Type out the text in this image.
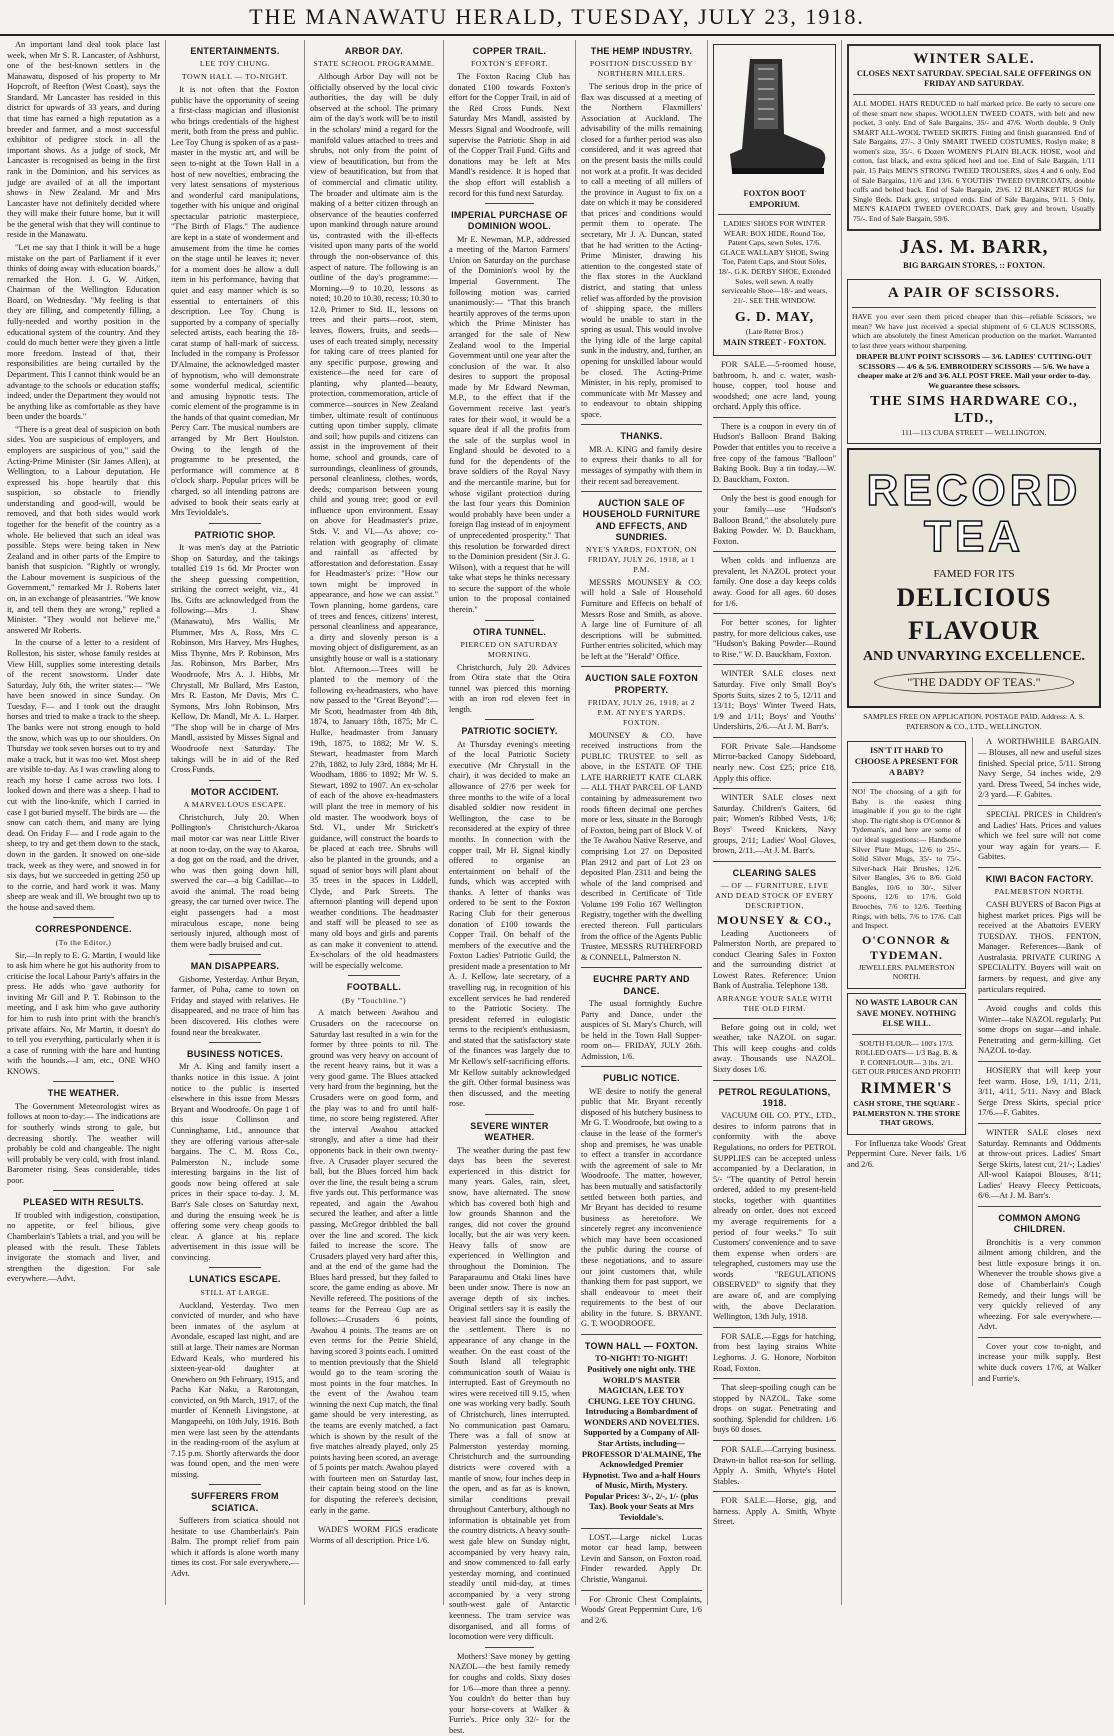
THE MANAWATU HERALD, TUESDAY, JULY 23, 1918.

An important land deal took place last week, when Mr S. R. Lancaster, of Ashhurst, one of the best-known settlers in the Manawatu, disposed of his property to Mr Hopcroft, of Reefton (West Coast), says the Standard. Mr Lancaster has resided in this district for upwards of 33 years, and during that time has earned a high reputation as a breeder and farmer, and a most successful exhibitor of pedigree stock in all the important shows. As a judge of stock, Mr Lancaster is recognised as being in the first rank in the Dominion, and his services as judge are availed of at all the important shows in New Zealand. Mr and Mrs Lancaster have not definitely decided where they will make their future home, but it will be the general wish that they will continue to reside in the Manawatu.

"Let me say that I think it will be a huge mistake on the part of Parliament if it ever thinks of doing away with education boards," remarked the Hon. J. G. W. Aitken, Chairman of the Wellington Education Board, on Wednesday. "My feeling is that they are filling, and competently filling, a fully-needed and worthy position in the educational system of the country. And they could do much better were they given a little more freedom. Instead of that, their responsibilities are being curtailed by the Department. This I cannot think would be an advantage to the schools or education staffs; indeed, under the Department they would not be anything like as comfortable as they have been under the boards."

"There is a great deal of suspicion on both sides. You are suspicious of employers, and employers are suspicious of you," said the Acting-Prime Minister (Sir James Allen), at Wellington, to a Labour deputation. He expressed his hope heartily that this suspicion, so obstacle to friendly understanding and good-will, would be removed, and that both sides would work together for the benefit of the country as a whole. He believed that such an ideal was possible. Steps were being taken in New Zealand and in other parts of the Empire to banish that suspicion. "Rightly or wrongly, the Labour movement is suspicious of the Government," remarked Mr J. Roberts later on, in an exchange of pleasantries. "We know it, and tell them they are wrong," replied a Minister. "They would not believe me," answered Mr Roberts.

In the course of a letter to a resident of Rolleston, his sister, whose family resides at View Hill, supplies some interesting details of the recent snowstorm. Under date Saturday, July 6th, the writer states:— "We have been snowed in since Sunday. On Tuesday, F— and I took out the draught horses and tried to make a track to the sheep. The banks were not strong enough to hold the snow, which was up to our shoulders. On Thursday we took seven horses out to try and make a track, but it was too wet. Most sheep are visible to-day. As I was crawling along to reach my horse I came across two lots. I looked down and there was a sheep. I had to cut with the lino-knife, which I carried in case I got buried myself. The birds are — the snow can catch them, and many are lying dead. On Friday F— and I rode again to the sheep, to try and get them down to the stack, down in the garden. It snowed on one-side track, week as they were, and snowed in for six days, but we succeeded in getting 250 up to the corrie, and hard work it was. Many sheep are weak and ill. We brought two up to the house and saved them.

CORRESPONDENCE.
(To the Editor.)

Sir,—In reply to E. G. Martin, I would like to ask him where he got his authority from to criticise the local Labour Party's affairs in the press. He adds who gave authority for inviting Mr Gill and P. T. Robinson to the meeting, and I ask him who gave authority for him to rush into print with the branch's private affairs. No, Mr Martin, it doesn't do to tell you everything, particularly when it is a case of running with the hare and hunting with the hounds.—I am, etc., ONE WHO KNOWS.

THE WEATHER.

The Government Meteorologist wires as follows at noon to-day:— The indications are for southerly winds strong to gale, but decreasing shortly. The weather will probably be cold and changeable. The night will probably be very cold, with frost inland. Barometer rising. Seas considerable, tides poor.

PLEASED WITH RESULTS.

If troubled with indigestion, constipation, no appetite, or feel bilious, give Chamberlain's Tablets a trial, and you will be pleased with the result. These Tablets invigorate the stomach and liver, and strengthen the digestion. For sale everywhere.—Advt.

ENTERTAINMENTS.
LEE TOY CHUNG.
TOWN HALL — TO-NIGHT.

It is not often that the Foxton public have the opportunity of seeing a first-class magician and illusionist who brings credentials of the highest merit, both from the press and public. Lee Toy Chung is spoken of as a past-master in the mystic art, and will be seen to-night at the Town Hall in a host of new novelties, embracing the very latest sensations of mysterious and wonderful card manipulations, together with his unique and original spectacular patriotic masterpiece, "The Birth of Flags." The audience are kept in a state of wonderment and amusement from the time he comes on the stage until he leaves it; never for a moment does he allow a dull item in his performance, having that quiet and easy manner which is so essential to entertainers of this description. Lee Toy Chung is supported by a company of specially selected artists, each bearing the 18-carat stamp of hall-mark of success. Included in the company is Professor D'Almaine, the acknowledged master of hypnotism, who will demonstrate some wonderful medical, scientific and amusing hypnotic tests. The comic element of the programme is in the hands of that quaint comedian, Mr Percy Carr. The musical numbers are arranged by Mr Bert Houlston. Owing to the length of the programme to be presented, the performance will commence at 8 o'clock sharp. Popular prices will be charged, so all intending patrons are advised to book their seats early at Mrs Tevioldale's.

PATRIOTIC SHOP.

It was men's day at the Patriotic Shop on Saturday, and the takings totalled £19 1s 6d. Mr Procter won the sheep guessing competition, striking the correct weight, viz., 41 lbs. Gifts are acknowledged from the following:—Mrs J. Shaw (Manawatu), Mrs Wallis, Mr Plummer, Mrs A. Ross, Mrs C. Robinson, Mrs Harvey, Mrs Hughes, Miss Thynne, Mrs P. Robinson, Mrs Jas. Robinson, Mrs Barber, Mrs Woodroofe, Mrs A. J. Hibbs, Mr Chrystall, Mr Bullard, Mrs Easton, Mrs R. Easton, Mr Davis, Mrs C. Symons, Mrs John Robinson, Mrs Kellow, Dr. Mandl, Mr A. L. Harper. "The shop will be in charge of Mrs Mandl, assisted by Misses Signal and Woodroofe next Saturday. The takings will be in aid of the Red Cross Funds.

MOTOR ACCIDENT.
A MARVELLOUS ESCAPE.

Christchurch, July 20. When Pollington's Christchurch-Akaroa mail motor car was near Little River at noon to-day, on the way to Akaroa, a dog got on the road, and the driver, who was then going down hill, swerved the car—a big Cadillac—to avoid the animal. The road being greasy, the car turned over twice. The eight passengers had a most miraculous escape, none being seriously injured, although most of them were badly bruised and cut.

MAN DISAPPEARS.

Gisborne, Yesterday. Arthur Bryan, farmer, of Puha, came to town on Friday and stayed with relatives. He disappeared, and no trace of him has been discovered. His clothes were found near the breakwater.

BUSINESS NOTICES.

Mr A. King and family insert a thanks notice in this issue. A joint notice to the public is inserted elsewhere in this issue from Messrs Bryant and Woodroofe. On page 1 of this issue Collinson and Cunninghame, Ltd., announce that they are offering various after-sale bargains. The C. M. Ross Co., Palmerston N., include some interesting bargains in the list of goods now being offered at sale prices in their space to-day. J. M. Barr's Sale closes on Saturday next, and during the ensuing week he is offering some very cheap goods to clear. A glance at his replace advertisement in this issue will be convincing.

LUNATICS ESCAPE.
STILL AT LARGE.

Auckland, Yesterday. Two men convicted of murder, and who have been inmates of the asylum at Avondale, escaped last night, and are still at large. Their names are Norman Edward Keals, who murdered his sixteen-year-old daughter at Onewhero on 9th February, 1915, and Pacha Kar Naku, a Rarotongan, convicted, on 9th March, 1917, of the murder of Kenneth Livingstone, at Mangapeehi, on 10th July, 1916. Both men were last seen by the attendants in the reading-room of the asylum at 7.15 p.m. Shortly afterwards the door was found open, and the men were missing.

SUFFERERS FROM SCIATICA.

Sufferers from sciatica should not hesitate to use Chamberlain's Pain Balm. The prompt relief from pain which it affords is alone worth many times its cost. For sale everywhere.—Advt.

ARBOR DAY.
STATE SCHOOL PROGRAMME.

Although Arbor Day will not be officially observed by the local civic authorities, the day will be duly observed at the school. The primary aim of the day's work will be to instil in the scholars' mind a regard for the manifold values attached to trees and shrubs, not only from the point of view of beautification, but from the view of beautification, but from that of commercial and climatic utility. The broader and ultimate aim is the making of a better citizen through an observance of the beauties conferred upon mankind through nature around us, contrasted with the ill-effects visited upon many parts of the world through the non-observance of this aspect of nature. The following is an outline of the day's programme:— Morning.—9 to 10.20, lessons as noted; 10.20 to 10.30, recess; 10.30 to 12.0, Primer to Std. II., lessons on trees and their parts—root, stem, leaves, flowers, fruits, and seeds—uses of each treated simply, necessity for taking care of trees planted for any specific purpose, growing and existence—the need for care of planting, why planted—beauty, protection, commemoration, article of commerce—sources in New Zealand timber, ultimate result of continuous cutting upon timber supply, climate and soil; how pupils and citizens can assist in the improvement of their home, school and grounds, care of surroundings, cleanliness of grounds, personal cleanliness, clothes, words, deeds; comparison between young child and young tree; good or evil influence upon environment. Essay on above for Headmaster's prize. Stds. V. and VI.—As above; co-relation with geography of climate and rainfall as affected by afforestation and deforestation. Essay for Headmaster's prize: "How our town might be improved in appearance, and how we can assist." Town planning, home gardens, care of trees and fences, citizens' interest, personal cleanliness and appearance, a dirty and slovenly person is a moving object of disfigurement, as an unsightly house or wall is a stationary blot. Afternoon.—Trees will be planted to the memory of the following ex-headmasters, who have now passed to the "Great Beyond":—Mr Scott, headmaster from 4th 8th, 1874, to January 18th, 1875; Mr C. Hulke, headmaster from January 19th, 1875, to 1882; Mr W. S. Stewart, headmaster from March 27th, 1882, to July 23rd, 1884; Mr H. Woodham, 1886 to 1892; Mr W. S. Stewart, 1892 to 1907. An ex-scholar of each of the above ex-headmasters will plant the tree in memory of his old master. The woodwork boys of Std. VI., under Mr Strickett's guidance, will construct the boards to be placed at each tree. Shrubs will also be planted in the grounds, and a squad of senior boys will plant about 35 trees in the spaces in Liddell, Clyde, and Park Streets. The afternoon planting will depend upon weather conditions. The headmaster and staff will be pleased to see as many old boys and girls and parents as can make it convenient to attend. Ex-scholars of the old headmasters will be especially welcome.

FOOTBALL.
(By "Touchline.")

A match between Awahou and Crusaders on the racecourse on Saturday last resulted in a win for the former by three points to nil. The ground was very heavy on account of the recent heavy rains, but it was a very good game. The Blues attacked very hard from the beginning, but the Crusaders were on good form, and the play was to and fro until half-time, no score being registered. After the interval Awahou attacked strongly, and after a time had their opponents back in their own twenty-five. A Crusader player secured the ball, but the Blues forced him back over the line, the result being a scrum five yards out. This performance was repeated, and again the Awahou secured the leather, and after a little passing, McGregor dribbled the ball over the line and scored. The kick failed to increase the score. The Crusaders played very hard after this, and at the end of the game had the Blues hard pressed, but they failed to score, the game ending as above. Mr Neville refereed. The positions of the teams for the Perreau Cup are as follows:—Crusaders 6 points, Awahou 4 points. The teams are on even terms for the Petrie Shield, having scored 3 points each. I omitted to mention previously that the Shield would go to the team scoring the most points in the four matches. In the event of the Awahou team winning the next Cup match, the final game should be very interesting, as the teams are evenly matched, a fact which is shown by the result of the five matches already played, only 25 points having been scored, an average of 5 points per match. Awahou played with fourteen men on Saturday last, their captain being stood on the line for disputing the referee's decision, early in the game.

WADE'S WORM FIGS eradicate Worms of all description. Price 1/6.

COPPER TRAIL.
FOXTON'S EFFORT.

The Foxton Racing Club has donated £100 towards Foxton's effort for the Copper Trail, in aid of the Red Cross Funds. Next Saturday Mrs Mandl, assisted by Messrs Signal and Woodroofe, will supervise the Patriotic Shop in aid of the Copper Trail Fund. Gifts and donations may be left at Mrs Mandl's residence. It is hoped that the shop effort will establish a record for this fund next Saturday.

IMPERIAL PURCHASE OF DOMINION WOOL.

Mr E. Newman, M.P., addressed a meeting of the Marton Farmers' Union on Saturday on the purchase of the Dominion's wool by the Imperial Government. The following motion was carried unanimously:— "That this branch heartily approves of the terms upon which the Prime Minister has arranged for the sale of New Zealand wool to the Imperial Government until one year after the conclusion of the war. It also desires to support the proposal made by Mr Edward Newman, M.P., to the effect that if the Government receive last year's rates for their wool, it would be a square deal if all the profits from the sale of the surplus wool in England should be devoted to a fund for the dependents of the brave soldiers of the Royal Navy and the mercantile marine, but for whose vigilant protection during the last four years this Dominion would probably have been under a foreign flag instead of in enjoyment of unprecedented prosperity." That this resolution be forwarded direct to the Dominion president (Sir J. G. Wilson), with a request that he will take what steps he thinks necessary to secure the support of the whole union to the proposal contained therein."

OTIRA TUNNEL.
PIERCED ON SATURDAY MORNING.

Christchurch, July 20. Advices from Otira state that the Otira tunnel was pierced this morning with an iron rod eleven feet in length.

PATRIOTIC SOCIETY.

At Thursday evening's meeting of the local Patriotic Society executive (Mr Chrystall in the chair), it was decided to make an allowance of 27/6 per week for three months to the wife of a local disabled soldier now resident in Wellington, the case to be reconsidered at the expiry of three months. In connection with the copper trail, Mr H. Signal kindly offered to organise an entertainment on behalf of the funds, which was accepted with thanks. A letter of thanks was ordered to be sent to the Foxton Racing Club for their generous donation of £100 towards the Copper Trail. On behalf of the members of the executive and the Foxton Ladies' Patriotic Guild, the president made a presentation to Mr A. J. Kellow, late secretary, of a travelling rug, in recognition of his excellent services he had rendered to the Patriotic Society. The president referred in eulogistic terms to the recipient's enthusiasm, and stated that the satisfactory state of the finances was largely due to Mr Kellow's self-sacrificing efforts. Mr Kellow suitably acknowledged the gift. Other formal business was then discussed, and the meeting rose.

SEVERE WINTER WEATHER.

The weather during the past few days has been the severest experienced in this district for many years. Gales, rain, sleet, snow, have alternated. The snow which has covered both high and low grounds Shannon and the ranges, did not cover the ground locally, but the air was very keen. Heavy falls of snow are experienced in Wellington and throughout the Dominion. The Paraparaumu and Otaki lines have been under snow. There is now an average depth of six inches. Original settlers say it is easily the heaviest fall since the founding of the settlement. There is no appearance of any change in the weather. On the east coast of the South Island all telegraphic communication south of Waiau is interrupted. East of Greymouth no wires were received till 9.15, when one was working very badly. South of Christchurch, lines interrupted. No communication past Oamaru. There was a fall of snow at Palmerston yesterday morning. Christchurch and the surrounding districts were covered with a mantle of snow, four inches deep in the open, and as far as is known, similar conditions prevail throughout Canterbury, although no information is obtainable yet from the country districts. A heavy south-west gale blew on Sunday night, accompanied by very heavy rain, and snow commenced to fall early yesterday morning, and continued steadily until mid-day, at times accompanied by a very strong south-west gale of Antarctic keenness. The tram service was disorganised, and all forms of locomotion were very difficult.

Mothers! Save money by getting NAZOL—the best family remedy for coughs and colds. Sixty doses for 1/6—more than three a penny. You couldn't do better than buy your horse-covers at Walker & Furrie's. Price only 32/- for the best.

THE HEMP INDUSTRY.
POSITION DISCUSSED BY NORTHERN MILLERS.

The serious drop in the price of flax was discussed at a meeting of the Northern Flaxmillers' Association at Auckland. The advisability of the mills remaining closed for a further period was also considered, and it was agreed that on the present basis the mills could not work at a profit. It was decided to call a meeting of all millers of the province in August to fix on a date on which it may be considered that prices and conditions would permit them to operate. The secretary, Mr J. A. Duncan, stated that he had written to the Acting-Prime Minister, drawing his attention to the congested state of the flax stores in the Auckland district, and stating that unless relief was afforded by the provision of shipping space, the millers would be unable to start in the spring as usual. This would involve the lying idle of the large capital sunk in the industry, and, further, an opening for unskilled labour would be closed. The Acting-Prime Minister, in his reply, promised to communicate with Mr Massey and to endeavour to obtain shipping space.

THANKS.

MR A. KING and family desire to express their thanks to all for messages of sympathy with them in their recent sad bereavement.

AUCTION SALE OF HOUSEHOLD FURNITURE AND EFFECTS, AND SUNDRIES.
NYE'S YARDS, FOXTON, ON FRIDAY, JULY 26, 1918, at 1 P.M.

MESSRS MOUNSEY & CO. will hold a Sale of Household Furniture and Effects on behalf of Messrs Rose and Smith, as above. A large line of Furniture of all descriptions will be submitted. Further entries solicited, which may be left at the "Herald" Office.

AUCTION SALE FOXTON PROPERTY.
FRIDAY, JULY 26, 1918, at 2 P.M. AT NYE'S YARDS, FOXTON.

MOUNSEY & CO. have received instructions from the PUBLIC TRUSTEE to sell as above, in the ESTATE OF THE LATE HARRIETT KATE CLARK— ALL THAT PARCEL OF LAND containing by admeasurement two roods fifteen decimal one perches more or less, situate in the Borough of Foxton, being part of Block V. of the Te Awahou Native Reserve, and comprising Lot 27 on Deposited Plan 2912 and part of Lot 23 on deposited Plan 2311 and being the whole of the land comprised and described in Certificate of Title Volume 199 Folio 167 Wellington Registry, together with the dwelling erected thereon. Full particulars from the office of the Agents Public Trustee, MESSRS RUTHERFORD & CONNELL, Palmerston N.

EUCHRE PARTY AND DANCE.

The usual fortnightly Euchre Party and Dance, under the auspices of St. Mary's Church, will be held in the Town Hall Supper-room on— FRIDAY, JULY 26th. Admission, 1/6.

PUBLIC NOTICE.

WE desire to notify the general public that Mr. Bryant recently disposed of his butchery business to Mr G. T. Woodroofe, but owing to a clause in the lease of the former's shop and premises, he was unable to effect a transfer in accordance with the agreement of sale to Mr Woodroofe. The matter, however, has been mutually and satisfactorily settled between both parties, and Mr Bryant has decided to resume business as heretofore. We sincerely regret any inconvenience which may have been occasioned the public during the course of these negotiations, and to assure our joint customers that, while thanking them for past support, we shall endeavour to meet their requirements to the best of our ability in the future. S. BRYANT. G. T. WOODROOFE.

TOWN HALL — FOXTON.

TO-NIGHT! TO-NIGHT! Positively one night only. THE WORLD'S MASTER MAGICIAN, LEE TOY CHUNG. LEE TOY CHUNG. Introducing a Bombardment of WONDERS AND NOVELTIES. Supported by a Company of All-Star Artists, including— PROFESSOR D'ALMAINE, The Acknowledged Premier Hypnotist. Two and a-half Hours of Music, Mirth, Mystery. Popular Prices: 3/-, 2/-, 1/- (plus Tax). Book your Seats at Mrs Tevioldale's.

LOST.—Large nickel Lucas motor car head lamp, between Levin and Sanson, on Foxton road. Finder rewarded. Apply Dr. Christie, Wanganui.

For Chronic Chest Complaints, Woods' Great Peppermint Cure, 1/6 and 2/6.

FOXTON BOOT EMPORIUM.

LADIES' SHOES FOR WINTER WEAR: BOX HIDE, Round Toe, Patent Caps, sewn Soles, 17/6. GLACE WALLABY SHOE, Swing Toe, Patent Caps, and Stout Soles, 18/-. G.K. DERBY SHOE, Extended Soles, well sewn. A really serviceable Shoe—18/- and wears, 21/-. SEE THE WINDOW.

G. D. MAY,

(Late Retter Bros.)

MAIN STREET - FOXTON.

FOR SALE.—5-roomed house, bathroom, h. and c. water, wash-house, copper, tool house and woodshed; one acre land, young orchard. Apply this office.

There is a coupon in every tin of Hudson's Balloon Brand Baking Powder that entitles you to receive a free copy of the famous "Balloon" Baking Book. Buy a tin today.—W. D. Bauckham, Foxton.

Only the best is good enough for your family—use "Hudson's Balloon Brand," the absolutely pure Baking Powder. W. D. Bauckham, Foxton.

When colds and influenza are prevalent, let NAZOL protect your family. One dose a day keeps colds away. Good for all ages. 60 doses for 1/6.

For better scones, for lighter pastry, for more delicious cakes, use "Hudson's Baking Powder—Round to Rise." W. D. Bauckham, Foxton.

WINTER SALE closes next Saturday. Five only Small Boy's Sports Suits, sizes 2 to 5, 12/11 and 13/11; Boys' Winter Tweed Hats, 1/9 and 1/11; Boys' and Youths' Undershirts, 2/6.—At J. M. Barr's.

FOR Private Sale.—Handsome Mirror-backed Canopy Sideboard, nearly new. Cost £25; price £18. Apply this office.

WINTER SALE closes next Saturday. Children's Gaiters, 6d pair; Women's Ribbed Vests, 1/6; Boys' Tweed Knickers, Navy groups, 2/11; Ladies' Wool Gloves, brown, 2/11.—At J. M. Barr's.

CLEARING SALES
— OF — FURNITURE, LIVE AND DEAD STOCK OF EVERY DESCRIPTION,
MOUNSEY & CO.,

Leading Auctioneers of Palmerston North, are prepared to conduct Clearing Sales in Foxton and the surrounding district at Lowest Rates. Reference: Union Bank of Australia. Telephone 138.

ARRANGE YOUR SALE WITH THE OLD FIRM.

Before going out in cold, wet weather, take NAZOL on sugar. This will keep coughs and colds away. Thousands use NAZOL. Sixty doses 1/6.

PETROL REGULATIONS, 1918.

VACUUM OIL CO. PTY., LTD., desires to inform patrons that in conformity with the above Regulations, no orders for PETROL SUPPLIES can be accepted unless accompanied by a Declaration, in 5/- "The quantity of Petrol herein ordered, added to my present-held stocks, together with quantities already on order, does not exceed my average requirements for a period of four weeks." To suit Customers' convenience and to save them expense when orders are telegraphed, customers may use the words "REGULATIONS OBSERVED" to signify that they are aware of, and are complying with, the above Declaration. Wellington, 13th July, 1918.

FOR SALE.—Eggs for hatching, from best laying strains White Leghorns. J. G. Honore, Norbiton Road, Foxton.

That sleep-spoiling cough can be stopped by NAZOL. Take some drops on sugar. Penetrating and soothing. Splendid for children. 1/6 buys 60 doses.

FOR SALE.—Carrying business. Drawn-in ballot rea-son for selling. Apply A. Smith, Whyte's Hotel Stables.

FOR SALE.—Horse, gig, and harness. Apply A. Smith, Whyte Street.

WINTER SALE.

CLOSES NEXT SATURDAY. SPECIAL SALE OFFERINGS ON FRIDAY AND SATURDAY.

ALL MODEL HATS REDUCED to half marked price. Be early to secure one of these smart new shapes. WOOLLEN TWEED COATS, with belt and new pocket, 3 only. End of Sale Bargains, 35/- and 47/6. Worth double. 9 Only SMART ALL-WOOL TWEED SKIRTS. Fitting and finish guaranteed. End of Sale Bargains, 27/-. 3 Only SMART TWEED COSTUMES, Roslyn make; 8 women's size, 35/-. 6 Dozen WOMEN'S PLAIN BLACK HOSE, wool and cotton, fast black, and extra spliced heel and toe. End of Sale Bargain, 1/11 pair. 15 Pairs MEN'S STRONG TWEED TROUSERS, sizes 4 and 6 only. End of Sale Bargains, 11/6 and 13/6. 6 YOUTHS' TWEED OVERCOATS, double cuffs and belted back. End of Sale Bargain, 29/6. 12 BLANKET RUGS for Single Beds. Dark grey, stripped ends. End of Sale Bargains, 9/11. 5 Only, MEN'S KAIAPOI TWEED OVERCOATS. Dark grey and brown. Usually 75/-. End of Sale Bargain, 59/6.

JAS. M. BARR,

BIG BARGAIN STORES, :: FOXTON.

A PAIR OF SCISSORS.

HAVE you ever seen them priced cheaper than this—reliable Scissors, we mean? We have just received a special shipment of 6 CLAUS SCISSORS, which are absolutely the finest American production on the market. Warranted to last three years without sharpening.

DRAPER BLUNT POINT SCISSORS — 3/6. LADIES' CUTTING-OUT SCISSORS — 4/6 & 5/6. EMBROIDERY SCISSORS — 5/6. We have a cheaper make at 2/6 and 3/6. ALL POST FREE. Mail your order to-day. We guarantee these scissors.

THE SIMS HARDWARE CO., LTD.,

111—113 CUBA STREET — WELLINGTON.

RECORD TEA
FAMED FOR ITS
DELICIOUS FLAVOUR
AND UNVARYING EXCELLENCE.
"THE DADDY OF TEAS."

SAMPLES FREE ON APPLICATION. POSTAGE PAID. Address: A. S. PATERSON & CO., LTD., WELLINGTON.

ISN'T IT HARD TO CHOOSE A PRESENT FOR A BABY?

NO! The choosing of a gift for Baby is the easiest thing imaginable if you go to the right shop. The right shop is O'Connor & Tydeman's, and here are some of our ideal suggestions:— Handsome Silver Plate Mugs, 12/6 to 25/-. Solid Silver Mugs, 35/- to 75/-. Silver-back Hair Brushes, 12/6. Silver Bangles, 3/6 to 8/6. Gold Bangles, 10/6 to 30/-. Silver Spoons, 12/6 to 17/6. Gold Brooches, 7/6 to 12/6. Teething Rings, with bells, 7/6 to 17/6. Call and Inspect.

O'CONNOR & TYDEMAN.

JEWELLERS. PALMERSTON NORTH.

NO WASTE LABOUR CAN SAVE MONEY. NOTHING ELSE WILL.

SOUTH FLOUR— 100's 17/3. ROLLED OATS— 1/3 Bag. B. & P. CORNFLOUR— 3 lbs. 2/1. GET OUR PRICES AND PROFIT!

RIMMER'S

CASH STORE, THE SQUARE - PALMERSTON N. THE STORE THAT GROWS.

For Influenza take Woods' Great Peppermint Cure. Never fails. 1/6 and 2/6.

A WORTHWHILE BARGAIN.— Blouses, all new and useful sizes finished. Special price, 5/11. Strong Navy Serge, 54 inches wide, 2/9 yard. Dress Tweed, 54 inches wide, 2/3 yard.—F. Gabites.

SPECIAL PRICES in Children's and Ladies' Hats. Prices and values which we feel sure will not come your way again for years.— F. Gabites.

KIWI BACON FACTORY.
PALMERSTON NORTH.

CASH BUYERS of Bacon Pigs at highest market prices. Pigs will be received at the Abattoirs EVERY TUESDAY. THOS. FENTON, Manager. References—Bank of Australasia. PRIVATE CURING A SPECIALITY. Buyers will wait on farmers by request, and give any particulars required.

Avoid coughs and colds this Winter—take NAZOL regularly. Put some drops on sugar—and inhale. Penetrating and germ-killing. Get NAZOL to-day.

HOSIERY that will keep your feet warm. Hose, 1/9, 1/11, 2/11, 3/11, 4/11, 5/11. Navy and Black Serge Dress Skirts, special price 17/6.—F. Gabites.

WINTER SALE closes next Saturday. Remnants and Oddments at throw-out prices. Ladies' Smart Serge Skirts, latest cut, 21/-; Ladies' All-wool Kaiapoi Blouses, 8/11; Ladies' Heavy Fleecy Petticoats, 6/6.—At J. M. Barr's.

COMMON AMONG CHILDREN.

Bronchitis is a very common ailment among children, and the best little exposure brings it on. Whenever the trouble shows give a dose of Chamberlain's Cough Remedy, and their lungs will be very quickly relieved of any wheezing. For sale everywhere.—Advt.

Cover your cow to-night, and increase your milk supply. Best white duck covers 17/6, at Walker and Furrie's.
